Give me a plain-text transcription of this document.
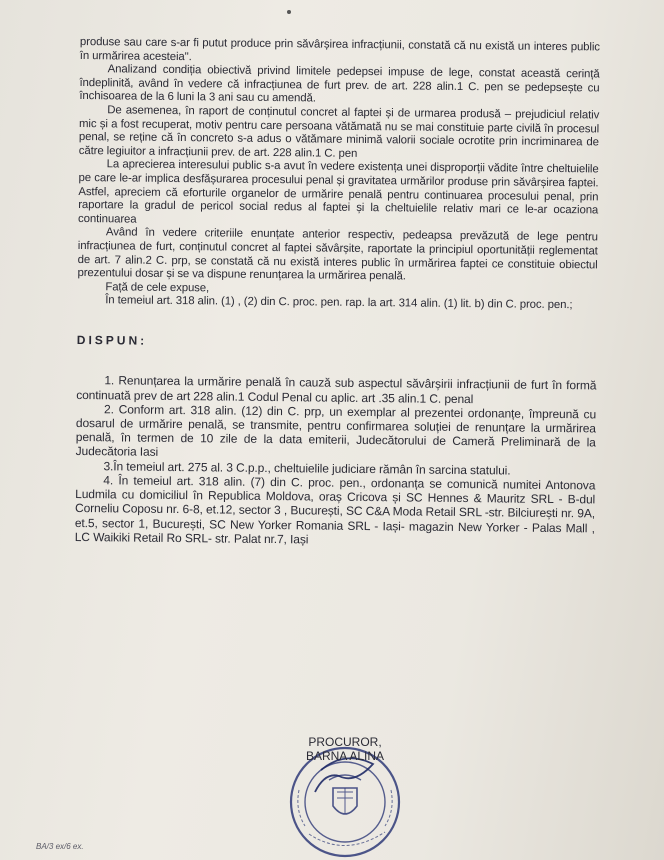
produse sau care s-ar fi putut produce prin săvârșirea infracțiunii, constată că nu există un interes public în urmărirea acesteia".

Analizand condiția obiectivă privind limitele pedepsei impuse de lege, constat această cerință îndeplinită, având în vedere că infracțiunea de furt prev. de art. 228 alin.1 C. pen se pedepsește cu închisoarea de la 6 luni la 3 ani sau cu amendă.

De asemenea, în raport de conținutul concret al faptei și de urmarea produsă – prejudiciul relativ mic și a fost recuperat, motiv pentru care persoana vătămată nu se mai constituie parte civilă în procesul penal, se reține că în concreto s-a adus o vătămare minimă valorii sociale ocrotite prin incriminarea de către legiuitor a infracțiunii prev. de art. 228 alin.1 C. pen

La aprecierea interesului public s-a avut în vedere existența unei disproporții vădite între cheltuielile pe care le-ar implica desfășurarea procesului penal și gravitatea urmărilor produse prin săvârșirea faptei. Astfel, apreciem că eforturile organelor de urmărire penală pentru continuarea procesului penal, prin raportare la gradul de pericol social redus al faptei și la cheltuielile relativ mari ce le-ar ocaziona continuarea

Având în vedere criteriile enunțate anterior respectiv, pedeapsa prevăzută de lege pentru infracțiunea de furt, conținutul concret al faptei săvârșite, raportate la principiul oportunității reglementat de art. 7 alin.2 C. prp, se constată că nu există interes public în urmărirea faptei ce constituie obiectul prezentului dosar și se va dispune renunțarea la urmărirea penală.

Față de cele expuse,

În temeiul art. 318 alin. (1) , (2) din C. proc. pen. rap. la art. 314 alin. (1) lit. b) din C. proc. pen.;

DISPUN:

1. Renunțarea la urmărire penală în cauză sub aspectul săvârșirii infracțiunii de furt în formă continuată prev de art 228 alin.1 Codul Penal cu aplic. art .35 alin.1 C. penal

2. Conform art. 318 alin. (12) din C. prp, un exemplar al prezentei ordonanțe, împreună cu dosarul de urmărire penală, se transmite, pentru confirmarea soluției de renunțare la urmărirea penală, în termen de 10 zile de la data emiterii, Judecătorului de Cameră Preliminară de la Judecătoria Iasi

3.În temeiul art. 275 al. 3 C.p.p., cheltuielile judiciare rămân în sarcina statului.

4. În temeiul art. 318 alin. (7) din C. proc. pen., ordonanța se comunică numitei Antonova Ludmila cu domiciliul în Republica Moldova, oraș Cricova și SC Hennes & Mauritz SRL - B-dul Corneliu Coposu nr. 6-8, et.12, sector 3 , București, SC C&A Moda Retail SRL -str. Bilciurești nr. 9A, et.5, sector 1, București, SC New Yorker Romania SRL - Iași- magazin New Yorker - Palas Mall , LC Waikiki Retail Ro SRL- str. Palat nr.7, Iași

PROCUROR,
BARNA ALINA
BA/3 ex/6 ex.
